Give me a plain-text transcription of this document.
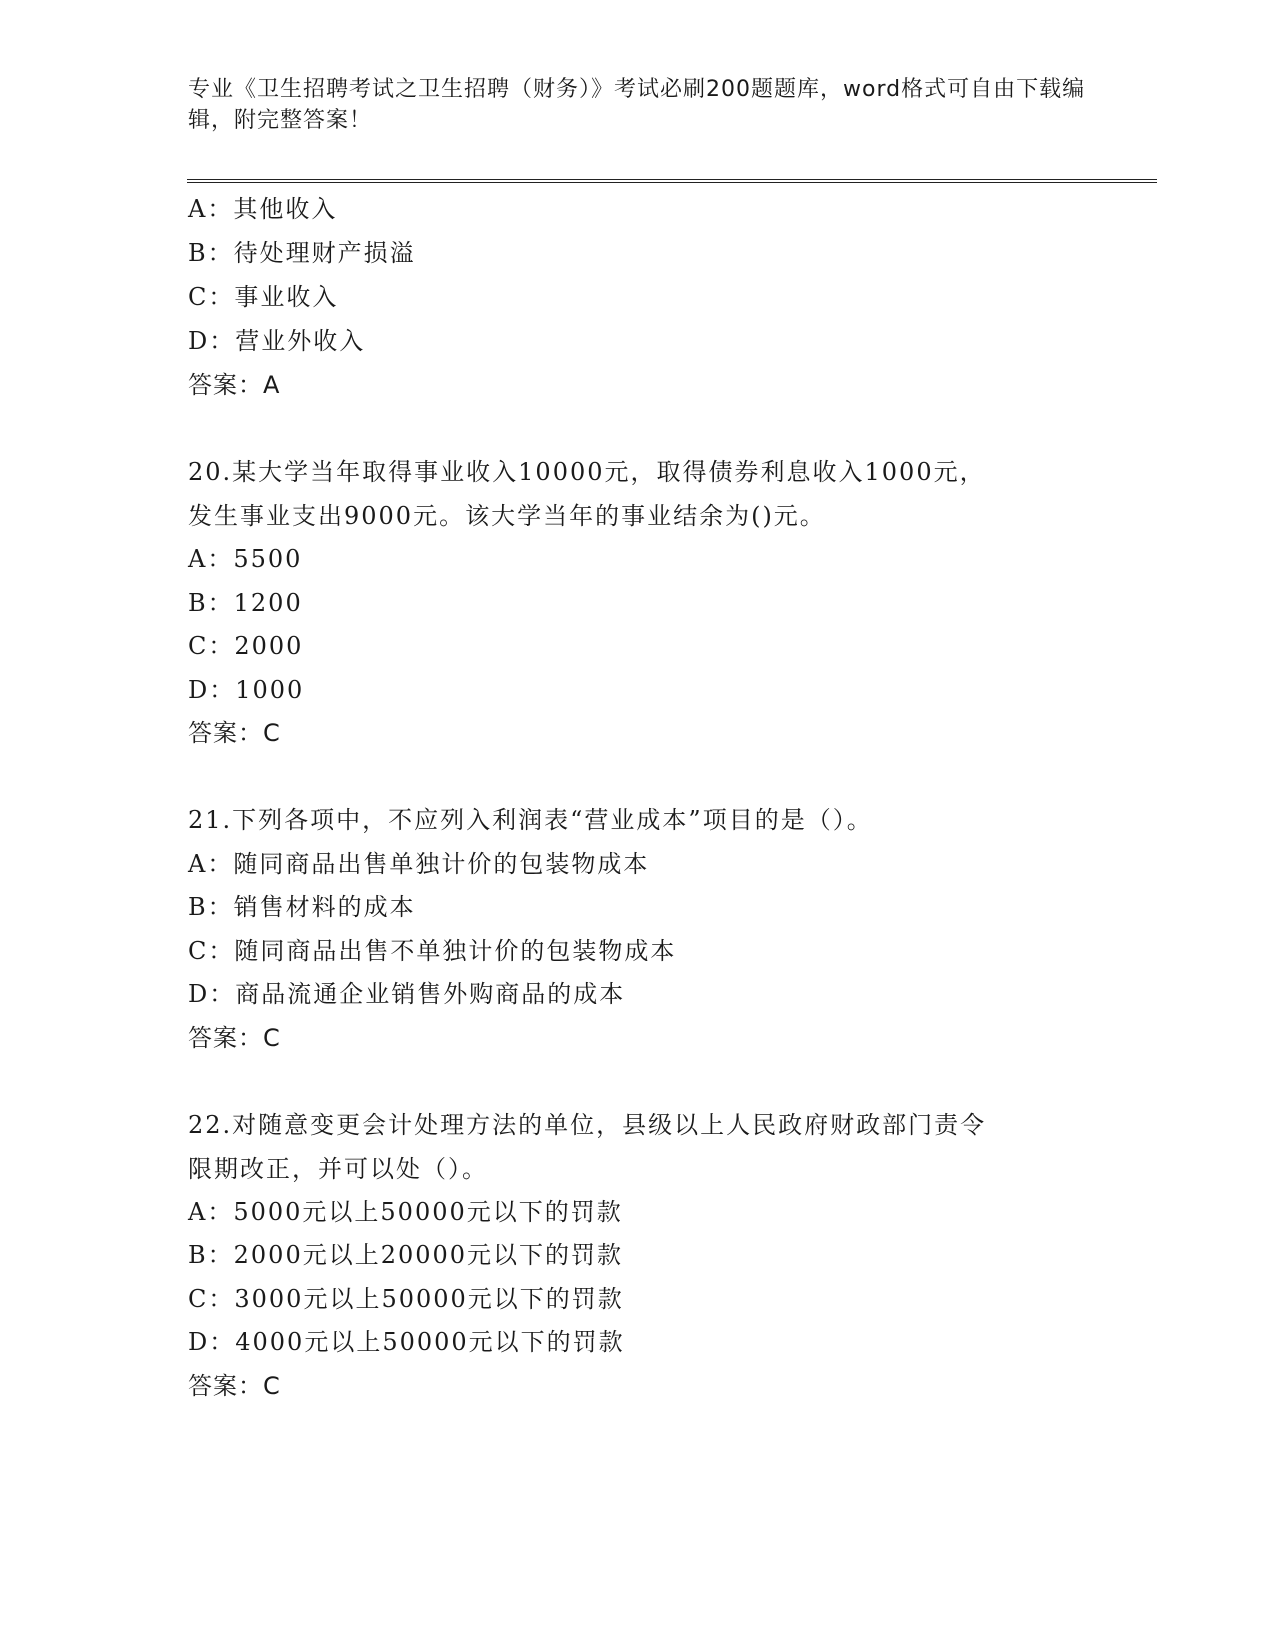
专业《卫生招聘考试之卫生招聘（财务）》考试必刷200题题库，word格式可自由下载编辑，附完整答案！
A：其他收入
B：待处理财产损溢
C：事业收入
D：营业外收入
答案：A
20.某大学当年取得事业收入10000元，取得债券利息收入1000元，
发生事业支出9000元。该大学当年的事业结余为()元。
A：5500
B：1200
C：2000
D：1000
答案：C
21.下列各项中，不应列入利润表“营业成本”项目的是（）。
A：随同商品出售单独计价的包装物成本
B：销售材料的成本
C：随同商品出售不单独计价的包装物成本
D：商品流通企业销售外购商品的成本
答案：C
22.对随意变更会计处理方法的单位，县级以上人民政府财政部门责令
限期改正，并可以处（）。
A：5000元以上50000元以下的罚款
B：2000元以上20000元以下的罚款
C：3000元以上50000元以下的罚款
D：4000元以上50000元以下的罚款
答案：C
